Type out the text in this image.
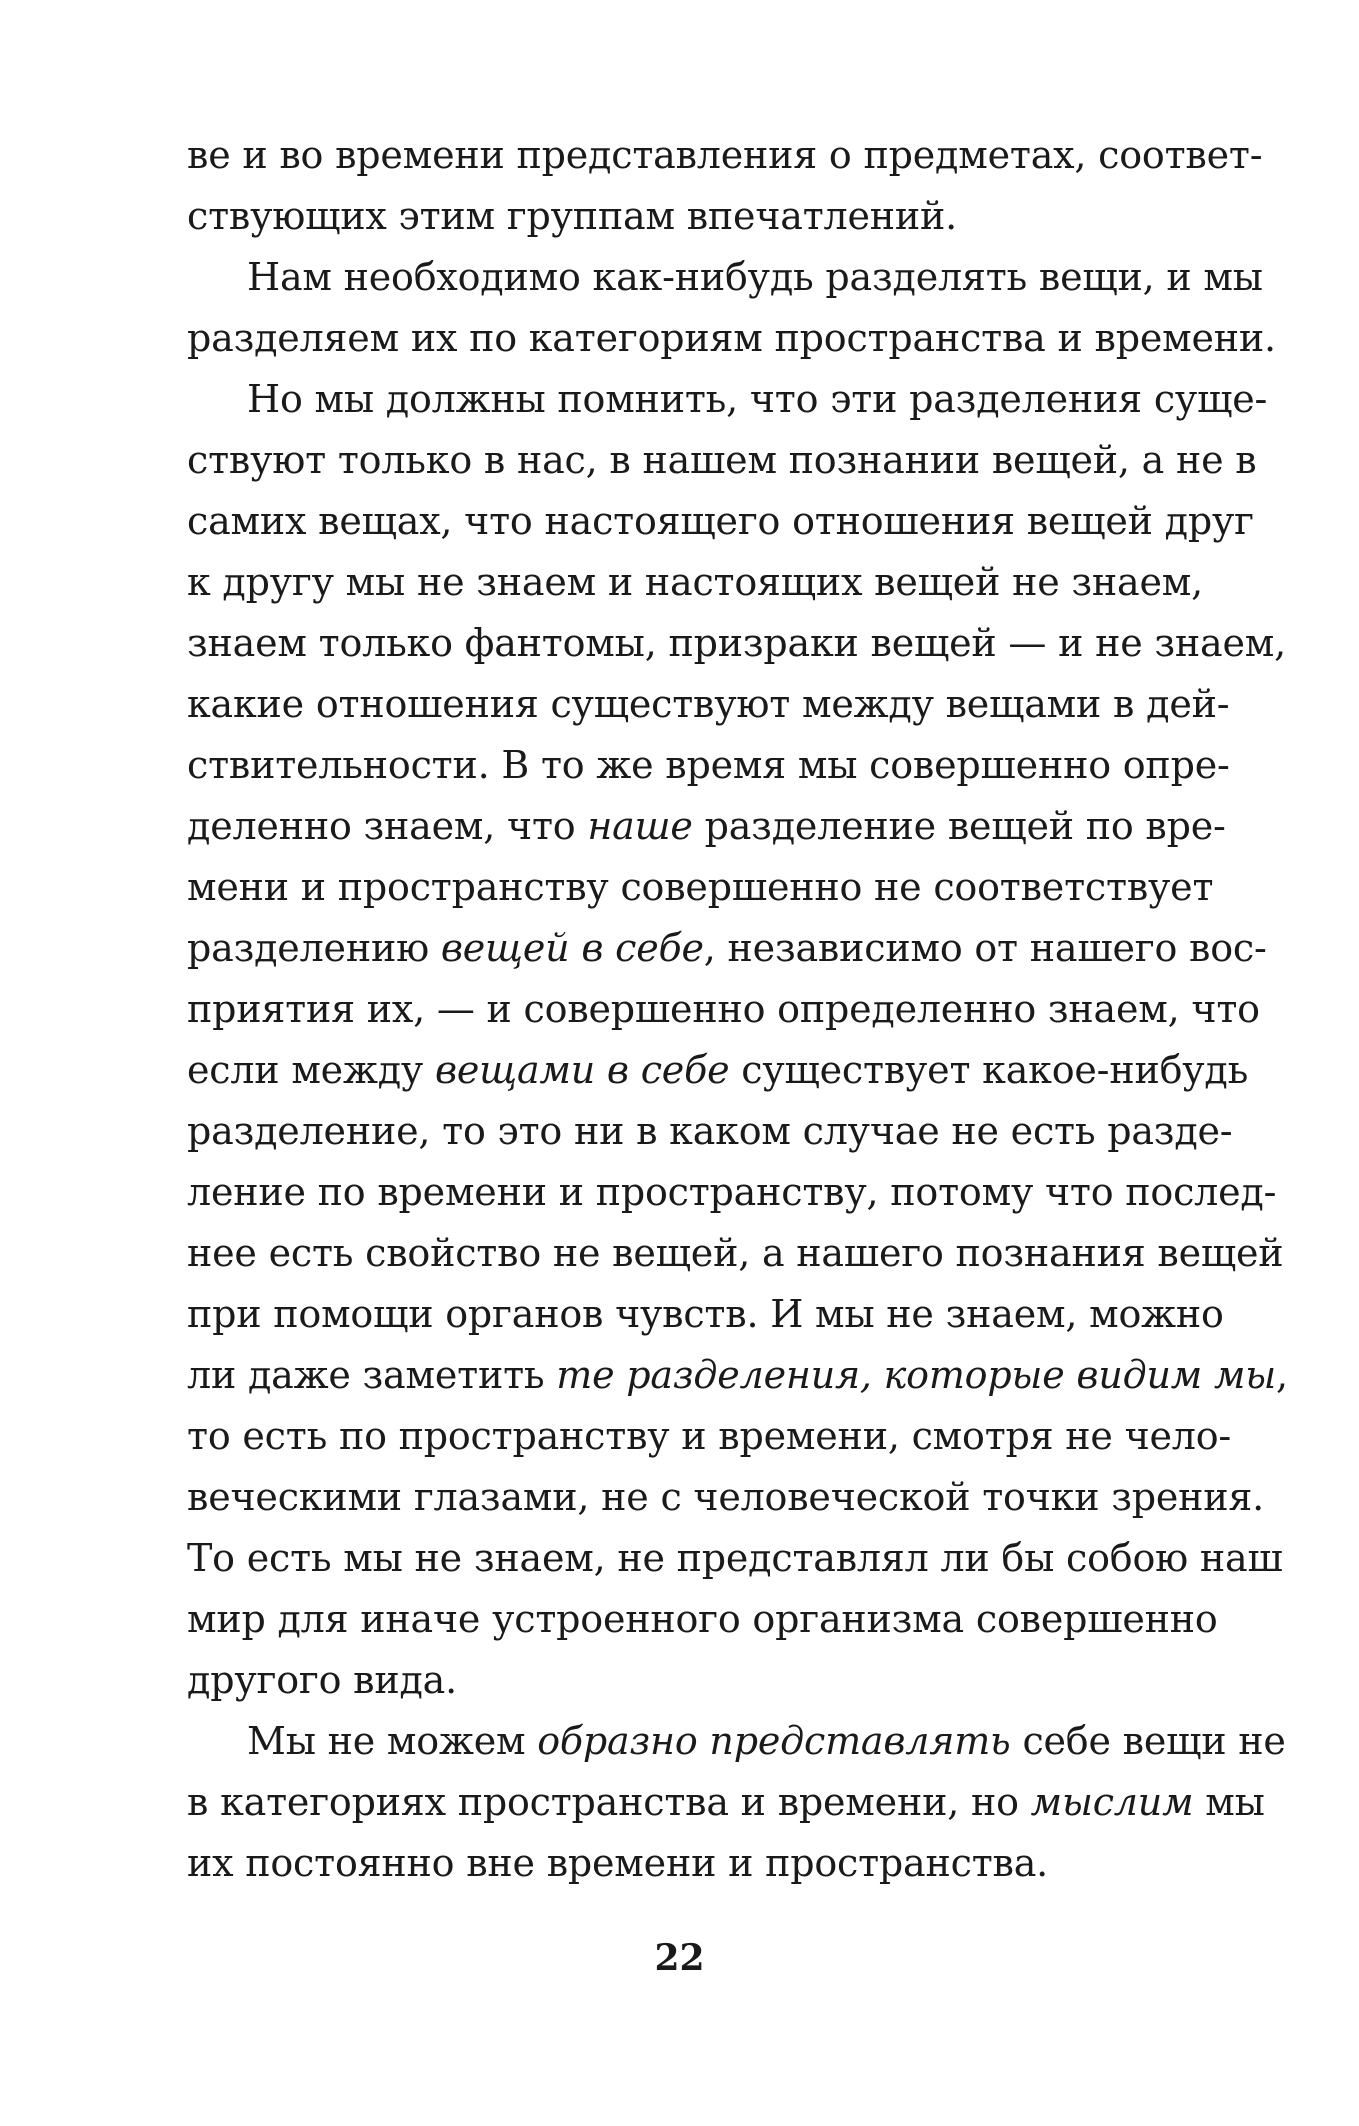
ве и во времени представления о предметах, соответ-
ствующих этим группам впечатлений.
Нам необходимо как-нибудь разделять вещи, и мы
разделяем их по категориям пространства и времени.
Но мы должны помнить, что эти разделения суще-
ствуют только в нас, в нашем познании вещей, а не в
самих вещах, что настоящего отношения вещей друг
к другу мы не знаем и настоящих вещей не знаем,
знаем только фантомы, призраки вещей — и не знаем,
какие отношения существуют между вещами в дей-
ствительности. В то же время мы совершенно опре-
деленно знаем, что наше разделение вещей по вре-
мени и пространству совершенно не соответствует
разделению вещей в себе, независимо от нашего вос-
приятия их, — и совершенно определенно знаем, что
если между вещами в себе существует какое-нибудь
разделение, то это ни в каком случае не есть разде-
ление по времени и пространству, потому что послед-
нее есть свойство не вещей, а нашего познания вещей
при помощи органов чувств. И мы не знаем, можно
ли даже заметить те разделения, которые видим мы,
то есть по пространству и времени, смотря не чело-
веческими глазами, не с человеческой точки зрения.
То есть мы не знаем, не представлял ли бы собою наш
мир для иначе устроенного организма совершенно
другого вида.
Мы не можем образно представлять себе вещи не
в категориях пространства и времени, но мыслим мы
их постоянно вне времени и пространства.
22
